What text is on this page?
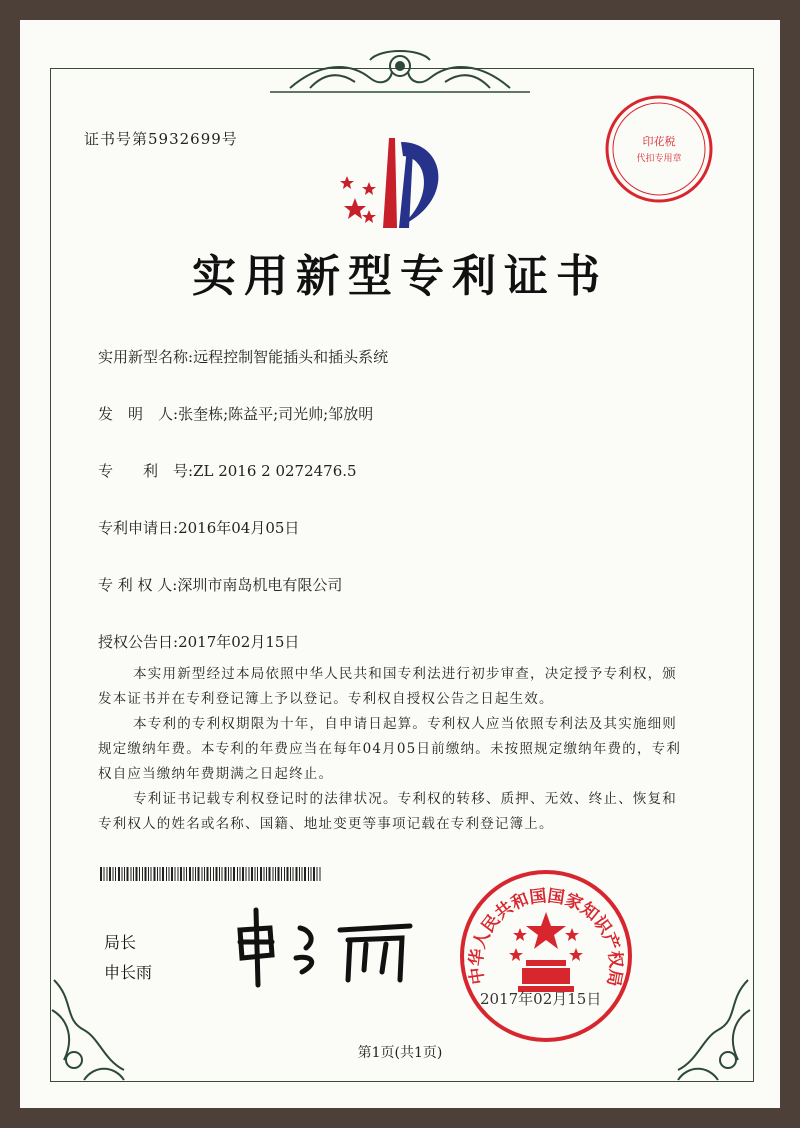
证书号第5932699号	印花税
代扣专用章
实用新型专利证书
实用新型名称:远程控制智能插头和插头系统
发　明　人:张奎栋;陈益平;司光帅;邹放明
专　　利　号:ZL 2016 2 0272476.5
专利申请日:2016年04月05日
专 利 权 人:深圳市南岛机电有限公司
授权公告日:2017年02月15日

本实用新型经过本局依照中华人民共和国专利法进行初步审查，决定授予专利权，颁发本证书并在专利登记簿上予以登记。专利权自授权公告之日起生效。

本专利的专利权期限为十年，自申请日起算。专利权人应当依照专利法及其实施细则规定缴纳年费。本专利的年费应当在每年04月05日前缴纳。未按照规定缴纳年费的，专利权自应当缴纳年费期满之日起终止。

专利证书记载专利权登记时的法律状况。专利权的转移、质押、无效、终止、恢复和专利权人的姓名或名称、国籍、地址变更等事项记载在专利登记簿上。

局长
申长雨	中华人民共和国国家知识产权局
2017年02月15日
第1页(共1页)
